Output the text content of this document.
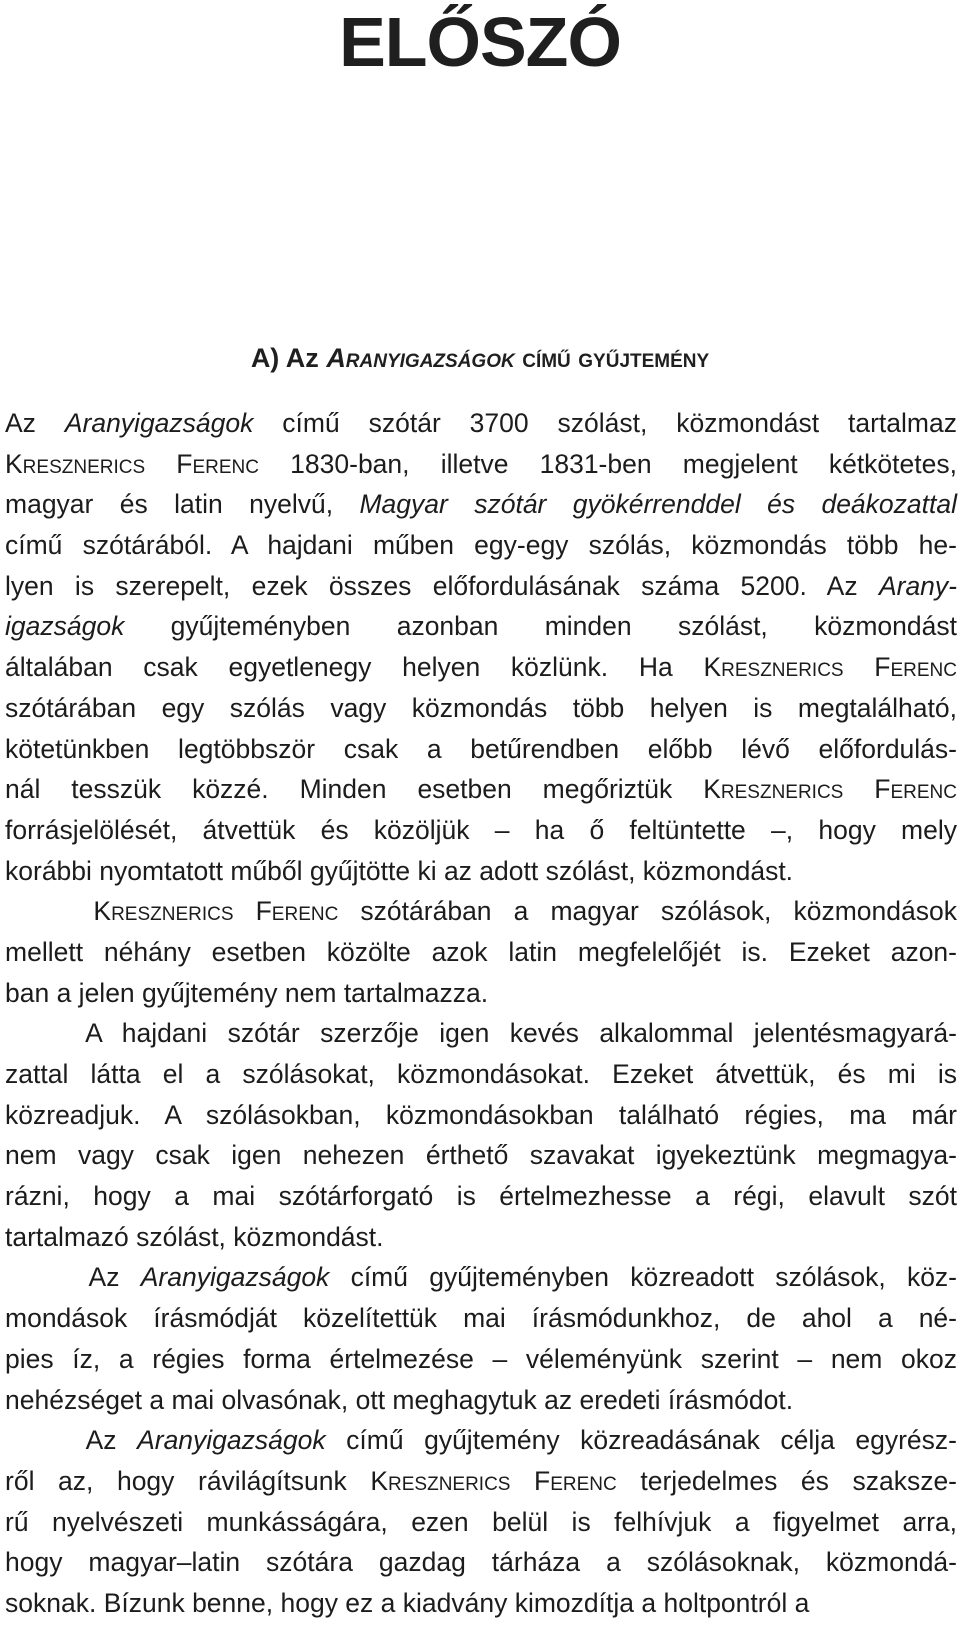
ELŐSZÓ
A) Az Aranyigazságok című gyűjtemény
Az Aranyigazságok című szótár 3700 szólást, közmondást tartalmaz
Kresznerics Ferenc 1830-ban, illetve 1831-ben megjelent kétkötetes,
magyar és latin nyelvű, Magyar szótár gyökérrenddel és deákozattal
című szótárából. A hajdani műben egy-egy szólás, közmondás több he-
lyen is szerepelt, ezek összes előfordulásának száma 5200. Az Arany-
igazságok gyűjteményben azonban minden szólást, közmondást
általában csak egyetlenegy helyen közlünk. Ha Kresznerics Ferenc
szótárában egy szólás vagy közmondás több helyen is megtalálható,
kötetünkben legtöbbször csak a betűrendben előbb lévő előfordulás-
nál tesszük közzé. Minden esetben megőriztük Kresznerics Ferenc
forrásjelölését, átvettük és közöljük – ha ő feltüntette –, hogy mely
korábbi nyomtatott műből gyűjtötte ki az adott szólást, közmondást.
Kresznerics Ferenc szótárában a magyar szólások, közmondások
mellett néhány esetben közölte azok latin megfelelőjét is. Ezeket azon-
ban a jelen gyűjtemény nem tartalmazza.
A hajdani szótár szerzője igen kevés alkalommal jelentésmagyará-
zattal látta el a szólásokat, közmondásokat. Ezeket átvettük, és mi is
közreadjuk. A szólásokban, közmondásokban található régies, ma már
nem vagy csak igen nehezen érthető szavakat igyekeztünk megmagya-
rázni, hogy a mai szótárforgató is értelmezhesse a régi, elavult szót
tartalmazó szólást, közmondást.
Az Aranyigazságok című gyűjteményben közreadott szólások, köz-
mondások írásmódját közelítettük mai írásmódunkhoz, de ahol a né-
pies íz, a régies forma értelmezése – véleményünk szerint – nem okoz
nehézséget a mai olvasónak, ott meghagytuk az eredeti írásmódot.
Az Aranyigazságok című gyűjtemény közreadásának célja egyrész-
ről az, hogy rávilágítsunk Kresznerics Ferenc terjedelmes és szaksze-
rű nyelvészeti munkásságára, ezen belül is felhívjuk a figyelmet arra,
hogy magyar–latin szótára gazdag tárháza a szólásoknak, közmondá-
soknak. Bízunk benne, hogy ez a kiadvány kimozdítja a holtpontról a
